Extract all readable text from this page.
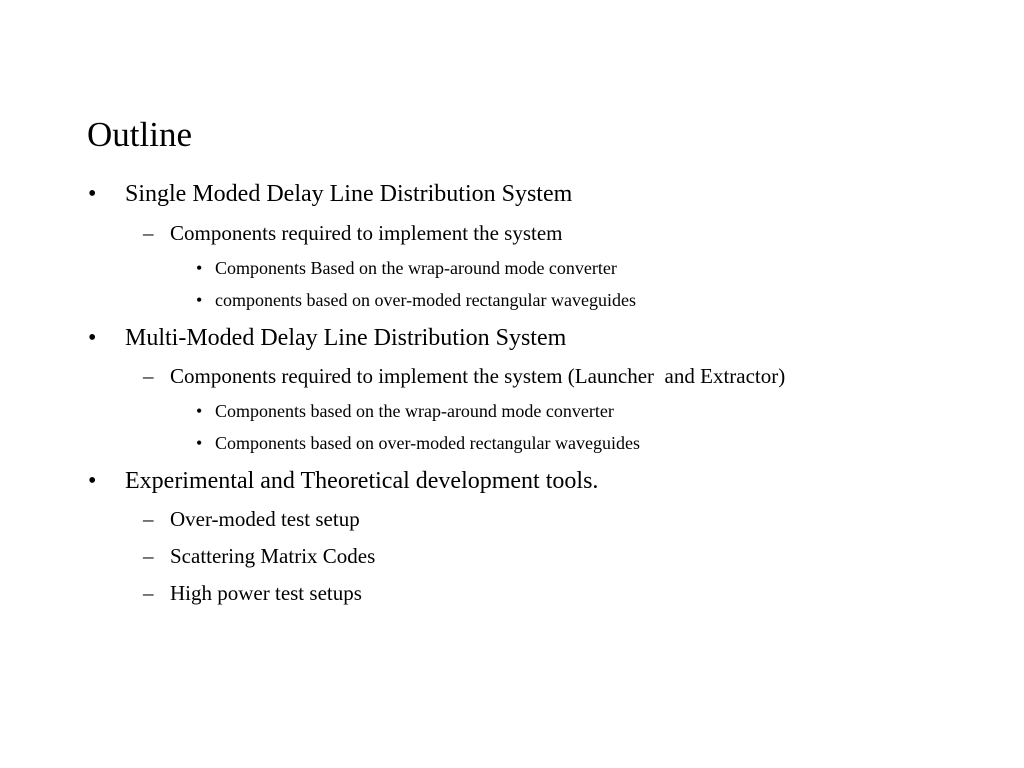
Outline
• Single Moded Delay Line Distribution System
– Components required to implement the system
• Components Based on the wrap-around mode converter
• components based on over-moded rectangular waveguides
• Multi-Moded Delay Line Distribution System
– Components required to implement the system (Launcher  and Extractor)
• Components based on the wrap-around mode converter
• Components based on over-moded rectangular waveguides
• Experimental and Theoretical development tools.
– Over-moded test setup
– Scattering Matrix Codes
– High power test setups
